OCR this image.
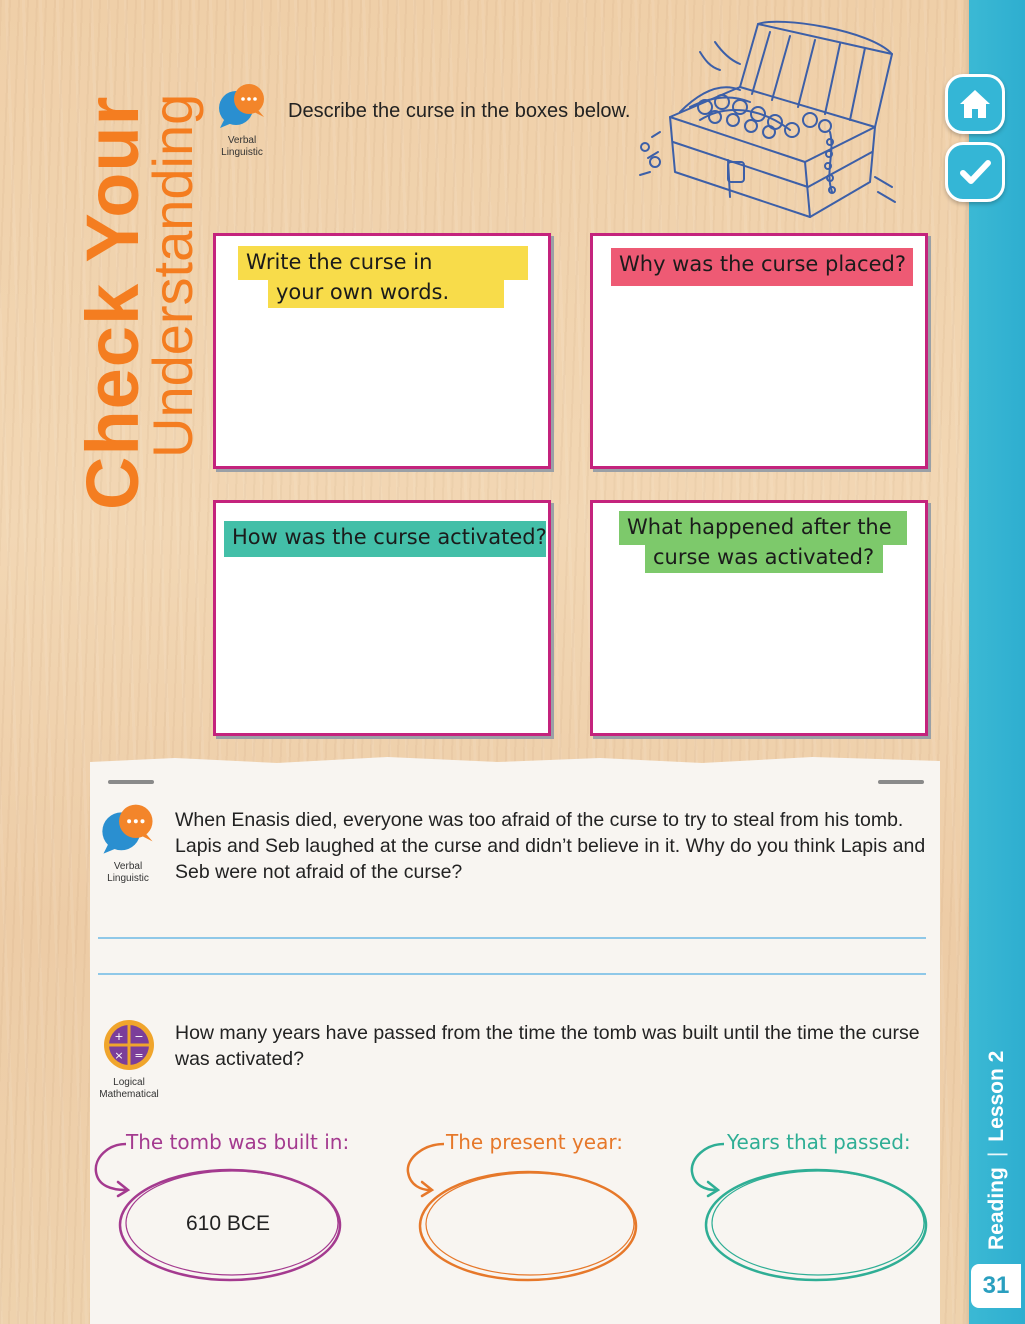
Reading
|
Lesson 2
31
Check Your
Understanding	Verbal
Linguistic
Describe the curse in the boxes below.
Write the curse in
your own words.
Why was the curse placed?
How was the curse activated?	What happened after the
curse was activated?
Verbal
Linguistic
When Enasis died, everyone was too afraid of the curse to try to steal from his tomb. Lapis and Seb laughed at the curse and didn’t believe in it. Why do you think Lapis and Seb were not afraid of the curse?
+ −
× =
Logical
Mathematical
How many years have passed from the time the tomb was built until the time the curse was activated?
The tomb was built in:	The present year:	Years that passed:
610 BCE
